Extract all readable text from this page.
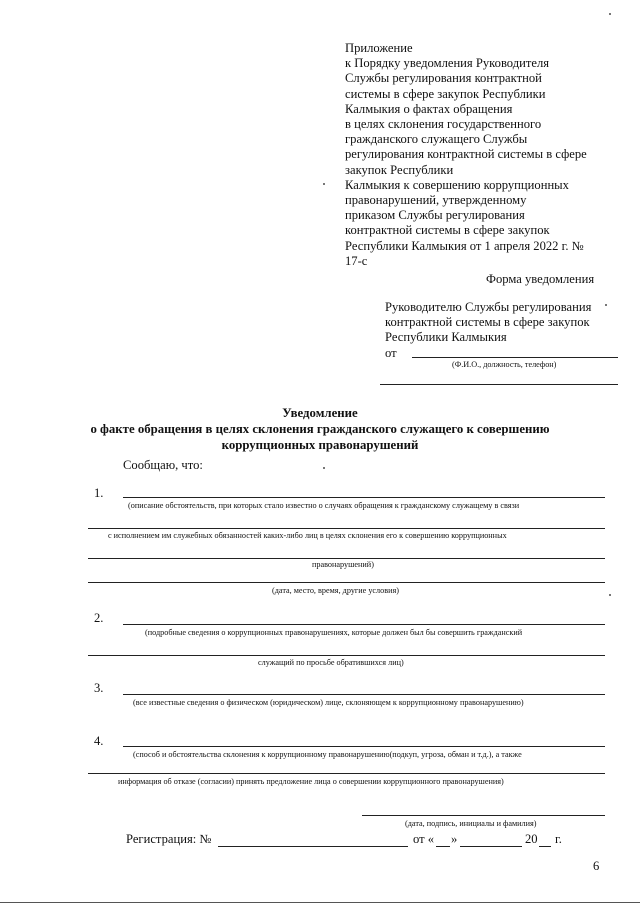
Приложение
к Порядку уведомления Руководителя
Службы регулирования контрактной
системы в сфере закупок Республики
Калмыкия о фактах обращения
в целях склонения государственного
гражданского служащего Службы
регулирования контрактной системы в сфере
закупок Республики
Калмыкия к совершению коррупционных
правонарушений, утвержденному
приказом Службы регулирования
контрактной системы в сфере закупок
Республики Калмыкия от 1 апреля 2022 г. №
17-с
Форма уведомления
Руководителю Службы регулирования
контрактной системы в сфере закупок
Республики Калмыкия
от
(Ф.И.О., должность, телефон)
Уведомление
о факте обращения в целях склонения гражданского служащего к совершению
коррупционных правонарушений
Сообщаю, что:
1.
(описание обстоятельств, при которых стало известно о случаях обращения к гражданскому служащему в связи
с исполнением им служебных обязанностей каких-либо лиц в целях склонения его к совершению коррупционных
правонарушений)
(дата, место, время, другие условия)
2.
(подробные сведения о коррупционных правонарушениях, которые должен был бы совершить гражданский
служащий по просьбе обратившихся лиц)
3.
(все известные сведения о физическом (юридическом) лице, склоняющем к коррупционному правонарушению)
4.
(способ и обстоятельства склонения к коррупционному правонарушению(подкуп, угроза, обман и т.д.), а также
информация об отказе (согласии) принять предложение лица о совершении коррупционного правонарушения)
(дата, подпись, инициалы и фамилия)
Регистрация: №	от « »	20 г.
6
